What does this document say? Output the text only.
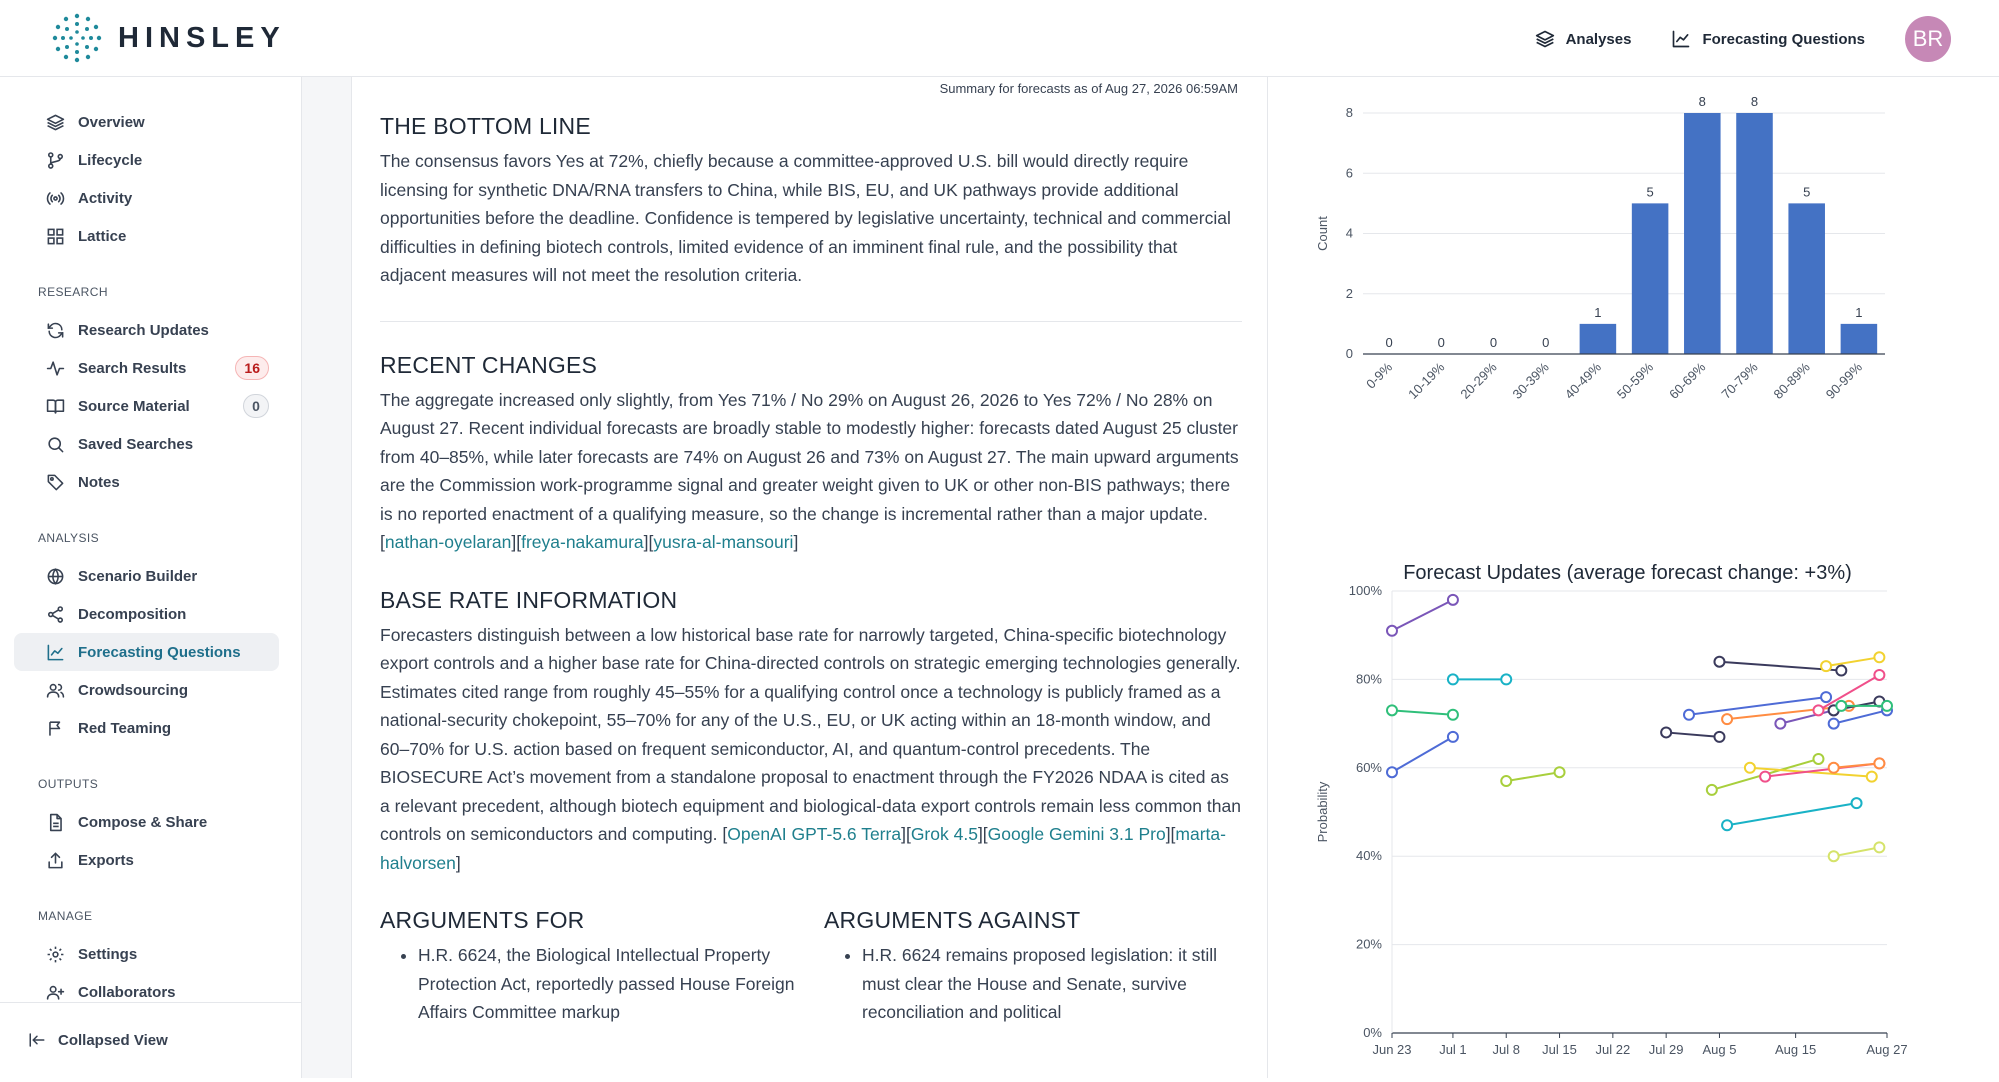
HINSLEY	Analyses	Forecasting Questions	BR
Overview
Lifecycle
Activity
Lattice
RESEARCH
Research Updates
Search Results	16
Source Material	0
Saved Searches
Notes
ANALYSIS
Scenario Builder
Decomposition
Forecasting Questions
Crowdsourcing
Red Teaming
OUTPUTS
Compose & Share
Exports
MANAGE
Settings
Collaborators
Collapsed View
Summary for forecasts as of Aug 27, 2026 06:59AM
THE BOTTOM LINE

The consensus favors Yes at 72%, chiefly because a committee-approved U.S. bill would directly require licensing for synthetic DNA/RNA transfers to China, while BIS, EU, and UK pathways provide additional opportunities before the deadline. Confidence is tempered by legislative uncertainty, technical and commercial difficulties in defining biotech controls, limited evidence of an imminent final rule, and the possibility that adjacent measures will not meet the resolution criteria.

RECENT CHANGES

The aggregate increased only slightly, from Yes 71% / No 29% on August 26, 2026 to Yes 72% / No 28% on August 27. Recent individual forecasts are broadly stable to modestly higher: forecasts dated August 25 cluster from 40–85%, while later forecasts are 74% on August 26 and 73% on August 27. The main upward arguments are the Commission work-programme signal and greater weight given to UK or other non-BIS pathways; there is no reported enactment of a qualifying measure, so the change is incremental rather than a major update. [nathan-oyelaran][freya-nakamura][yusra-al-mansouri]

BASE RATE INFORMATION

Forecasters distinguish between a low historical base rate for narrowly targeted, China-specific biotechnology export controls and a higher base rate for China-directed controls on strategic emerging technologies generally. Estimates cited range from roughly 45–55% for a qualifying control once a technology is publicly framed as a national-security chokepoint, 55–70% for any of the U.S., EU, or UK acting within an 18-month window, and 60–70% for U.S. action based on frequent semiconductor, AI, and quantum-control precedents. The BIOSECURE Act’s movement from a standalone proposal to enactment through the FY2026 NDAA is cited as a relevant precedent, although biotech equipment and biological-data export controls remain less common than controls on semiconductors and computing. [OpenAI GPT-5.6 Terra][Grok 4.5][Google Gemini 3.1 Pro][marta-halvorsen]

ARGUMENTS FOR
• H.R. 6624, the Biological Intellectual Property Protection Act, reportedly passed House Foreign Affairs Committee markup
ARGUMENTS AGAINST
• H.R. 6624 remains proposed legislation: it still must clear the House and Senate, survive reconciliation and political
0
2
4
6
8
Count
0
0-9%
0
10-19%
0
20-29%
0
30-39%
1
40-49%
5
50-59%
8
60-69%
8
70-79%
5
80-89%
1
90-99%
Forecast Updates (average forecast change: +3%)
0%
20%
40%
60%
80%
100%
Probability
Jun 23 Jul 1 Jul 8 Jul 15 Jul 22 Jul 29 Aug 5	Aug 15	Aug 27
